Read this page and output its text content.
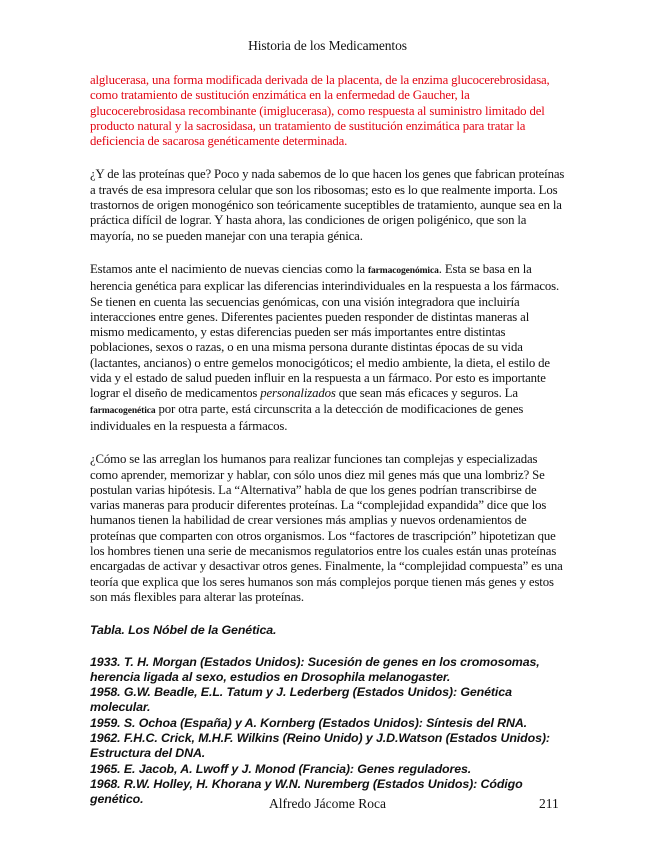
Historia de los Medicamentos

alglucerasa, una forma modificada derivada de la placenta, de la enzima glucocerebrosidasa, como tratamiento de sustitución enzimática en la enfermedad de Gaucher, la glucocerebrosidasa recombinante (imiglucerasa), como respuesta al suministro limitado del producto natural y la sacrosidasa, un tratamiento de sustitución enzimática para tratar la deficiencia de sacarosa genéticamente determinada.

¿Y de las proteínas que? Poco y nada sabemos de lo que hacen los genes que fabrican proteínas a través de esa impresora celular que son los ribosomas; esto es lo que realmente importa. Los trastornos de origen monogénico son teóricamente suceptibles de tratamiento, aunque sea en la práctica difícil de lograr. Y hasta ahora, las condiciones de origen poligénico, que son la mayoría, no se pueden manejar con una terapia génica.

Estamos ante el nacimiento de nuevas ciencias como la farmacogenómica. Esta se basa en la herencia genética para explicar las diferencias interindividuales en la respuesta a los fármacos. Se tienen en cuenta las secuencias genómicas, con una visión integradora que incluiría interacciones entre genes. Diferentes pacientes pueden responder de distintas maneras al mismo medicamento, y estas diferencias pueden ser más importantes entre distintas poblaciones, sexos o razas, o en una misma persona durante distintas épocas de su vida (lactantes, ancianos) o entre gemelos monocigóticos; el medio ambiente, la dieta, el estilo de vida y el estado de salud pueden influir en la respuesta a un fármaco. Por esto es importante lograr el diseño de medicamentos personalizados que sean más eficaces y seguros. La farmacogenética por otra parte, está circunscrita a la detección de modificaciones de genes individuales en la respuesta a fármacos.

¿Cómo se las arreglan los humanos para realizar funciones tan complejas y especializadas como aprender, memorizar y hablar, con sólo unos diez mil genes más que una lombriz? Se postulan varias hipótesis. La “Alternativa” habla de que los genes podrían transcribirse de varias maneras para producir diferentes proteínas. La “complejidad expandida” dice que los humanos tienen la habilidad de crear versiones más amplias y nuevos ordenamientos de proteínas que comparten con otros organismos. Los “factores de trascripción” hipotetizan que los hombres tienen una serie de mecanismos regulatorios entre los cuales están unas proteínas encargadas de activar y desactivar otros genes. Finalmente, la “complejidad compuesta” es una teoría que explica que los seres humanos son más complejos porque tienen más genes y estos son más flexibles para alterar las proteínas.

Tabla. Los Nóbel de la Genética.
1933. T. H. Morgan (Estados Unidos): Sucesión de genes en los cromosomas, herencia ligada al sexo, estudios en Drosophila melanogaster.
1958. G.W. Beadle, E.L. Tatum y J. Lederberg (Estados Unidos): Genética molecular.
1959. S. Ochoa (España) y A. Kornberg (Estados Unidos): Síntesis del RNA.
1962. F.H.C. Crick, M.H.F. Wilkins (Reino Unido) y J.D.Watson (Estados Unidos): Estructura del DNA.
1965. E. Jacob, A. Lwoff y J. Monod (Francia): Genes reguladores.
1968. R.W. Holley, H. Khorana y W.N. Nuremberg (Estados Unidos): Código genético.	Alfredo Jácome Roca	211
